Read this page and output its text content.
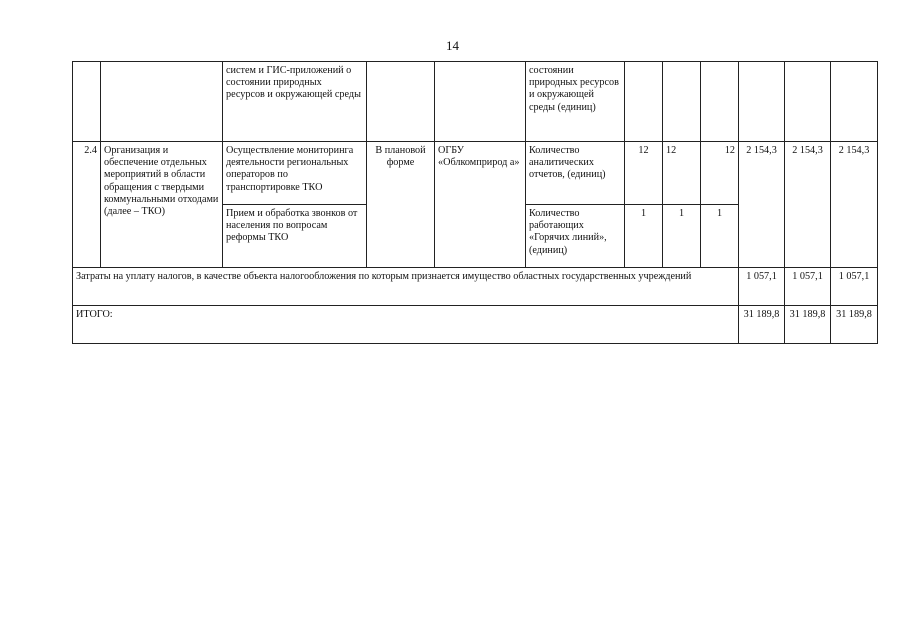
14
		систем и ГИС-приложений о состоянии природных ресурсов и окружающей среды			состоянии природных ресурсов и окружающей среды (единиц)						
2.4	Организация и обеспечение отдельных мероприятий в области обращения с твердыми коммунальными отходами (далее – ТКО)	Осуществление мониторинга деятельности региональных операторов по транспортировке ТКО	В плановой форме	ОГБУ «Облкомприрод а»	Количество аналитических отчетов, (единиц)	12	12	12	2 154,3	2 154,3	2 154,3
		Прием и обработка звонков от населения по вопросам реформы ТКО			Количество работающих «Горячих линий», (единиц)	1	1	1			
Затраты на уплату налогов, в качестве объекта налогообложения по которым признается имущество областных государственных учреждений									1 057,1	1 057,1	1 057,1
ИТОГО:									31 189,8	31 189,8	31 189,8
